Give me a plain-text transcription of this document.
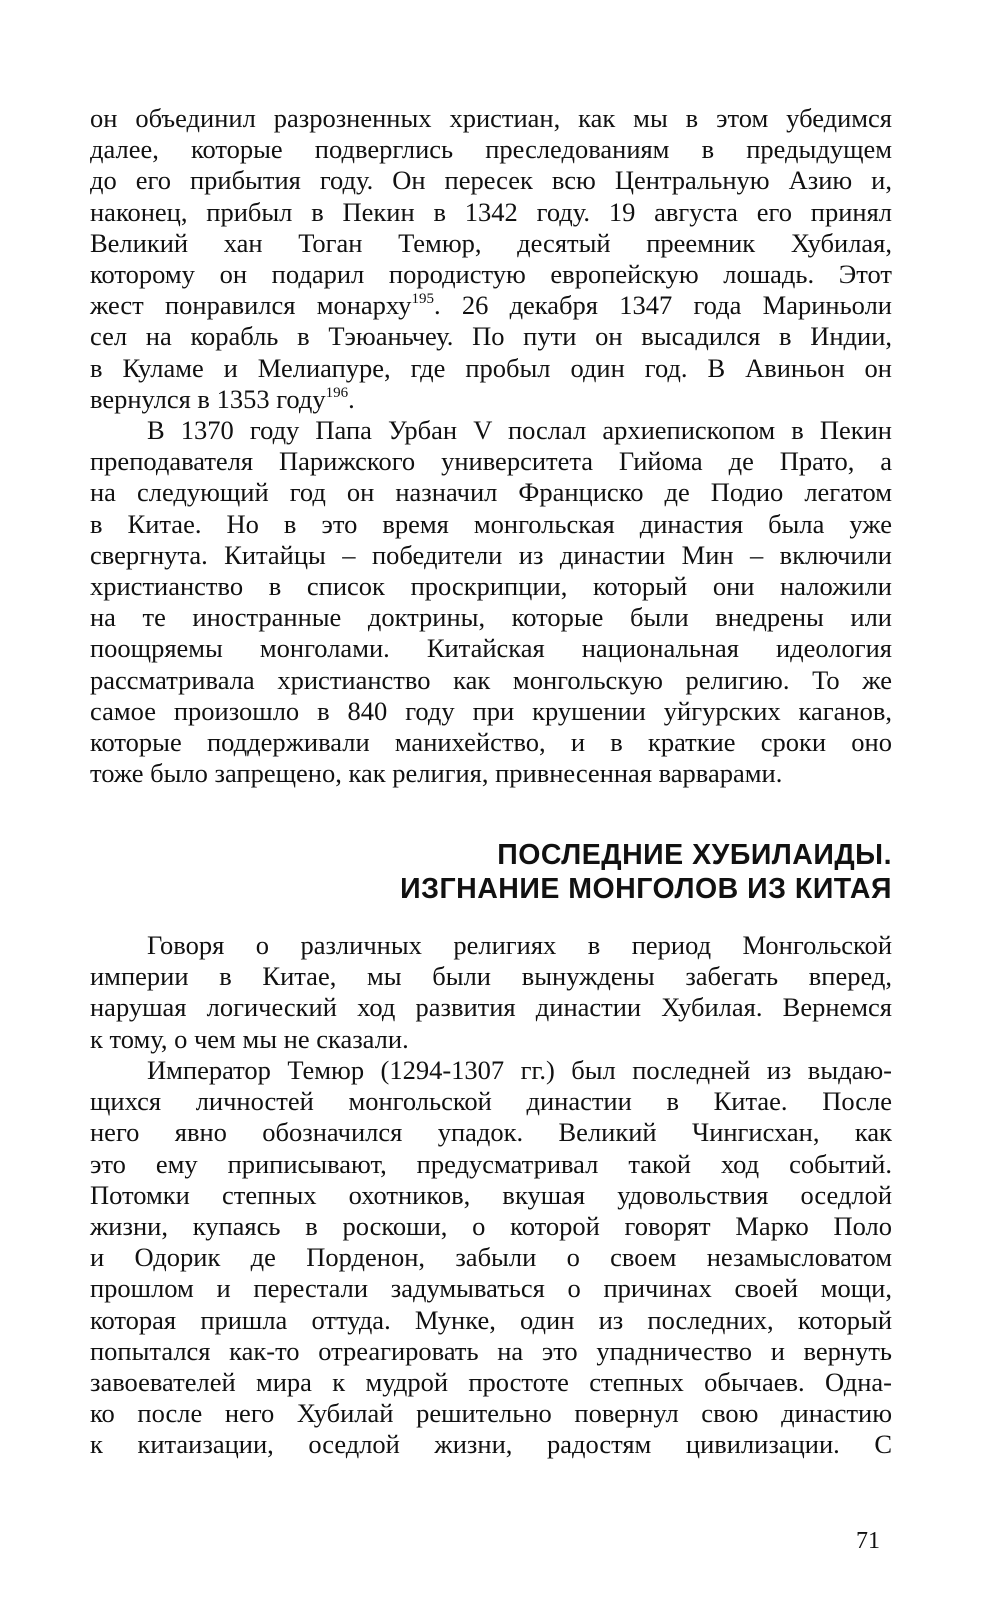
он объединил разрозненных христиан, как мы в этом убедимся
далее, которые подверглись преследованиям в предыдущем
до его прибытия году. Он пересек всю Центральную Азию и,
наконец, прибыл в Пекин в 1342 году. 19 августа его принял
Великий хан Тоган Темюр, десятый преемник Хубилая,
которому он подарил породистую европейскую лошадь. Этот
жест понравился монарху$^{195}$. 26 декабря 1347 года Мариньоли
сел на корабль в Тэюаньчеу. По пути он высадился в Индии,
в Куламе и Мелиапуре, где пробыл один год. В Авиньон он
вернулся в 1353 году$^{196}$.
В 1370 году Папа Урбан V послал архиепископом в Пекин
преподавателя Парижского университета Гийома де Прато, а
на следующий год он назначил Франциско де Подио легатом
в Китае. Но в это время монгольская династия была уже
свергнута. Китайцы – победители из династии Мин – включили
христианство в список проскрипции, который они наложили
на те иностранные доктрины, которые были внедрены или
поощряемы монголами. Китайская национальная идеология
рассматривала христианство как монгольскую религию. То же
самое произошло в 840 году при крушении уйгурских каганов,
которые поддерживали манихейство, и в краткие сроки оно
тоже было запрещено, как религия, привнесенная варварами.
ПОСЛЕДНИЕ ХУБИЛАИДЫ.
ИЗГНАНИЕ МОНГОЛОВ ИЗ КИТАЯ
Говоря о различных религиях в период Монгольской
империи в Китае, мы были вынуждены забегать вперед,
нарушая логический ход развития династии Хубилая. Вернемся
к тому, о чем мы не сказали.
Император Темюр (1294-1307 гг.) был последней из выдаю-
щихся личностей монгольской династии в Китае. После
него явно обозначился упадок. Великий Чингисхан, как
это ему приписывают, предусматривал такой ход событий.
Потомки степных охотников, вкушая удовольствия оседлой
жизни, купаясь в роскоши, о которой говорят Марко Поло
и Одорик де Порденон, забыли о своем незамысловатом
прошлом и перестали задумываться о причинах своей мощи,
которая пришла оттуда. Мунке, один из последних, который
попытался как-то отреагировать на это упадничество и вернуть
завоевателей мира к мудрой простоте степных обычаев. Одна-
ко после него Хубилай решительно повернул свою династию
к китаизации, оседлой жизни, радостям цивилизации. С
71
